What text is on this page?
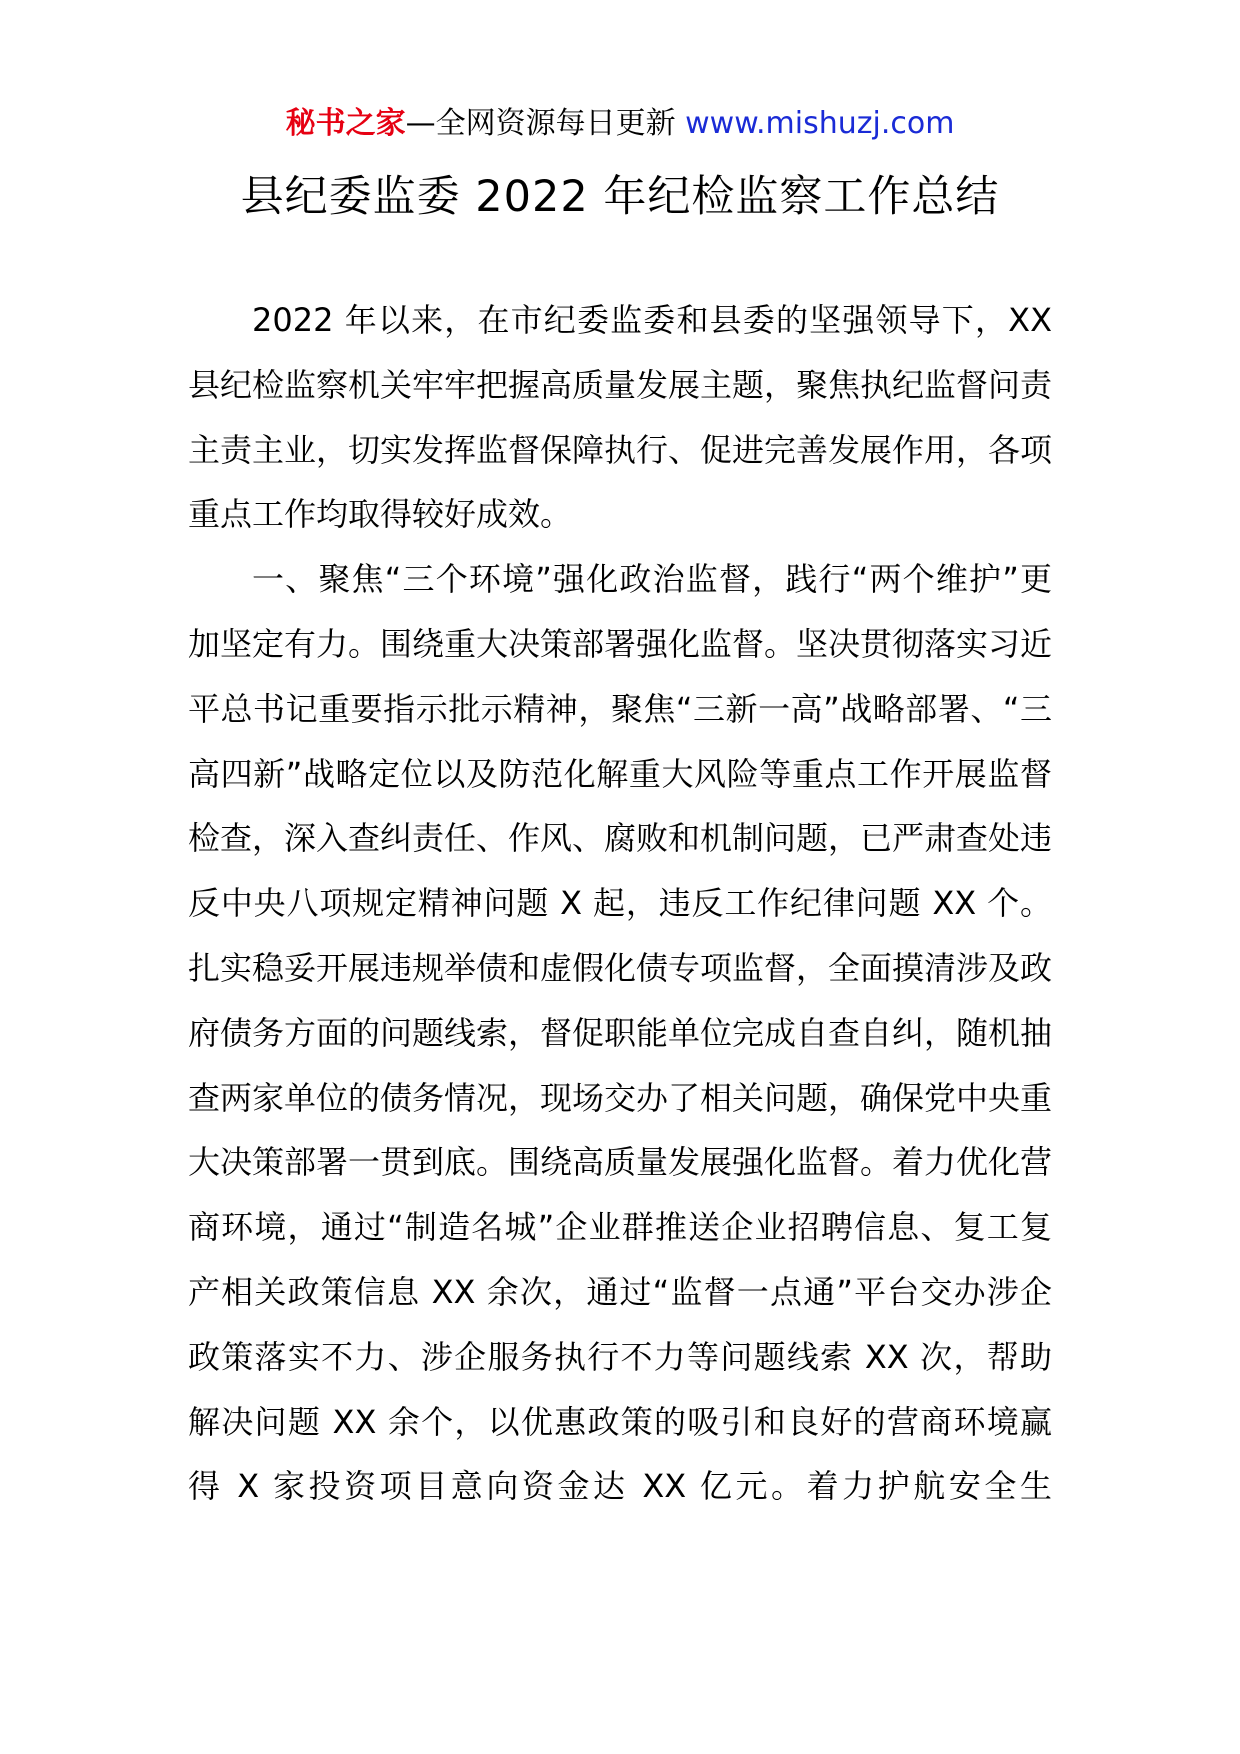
秘书之家—全网资源每日更新 www.mishuzj.com
县纪委监委 2022 年纪检监察工作总结

2022 年以来，在市纪委监委和县委的坚强领导下，XX 县纪检监察机关牢牢把握高质量发展主题，聚焦执纪监督问责主责主业，切实发挥监督保障执行、促进完善发展作用，各项重点工作均取得较好成效。

一、聚焦“三个环境”强化政治监督，践行“两个维护”更加坚定有力。围绕重大决策部署强化监督。坚决贯彻落实习近平总书记重要指示批示精神，聚焦“三新一高”战略部署、“三高四新”战略定位以及防范化解重大风险等重点工作开展监督检查，深入查纠责任、作风、腐败和机制问题，已严肃查处违反中央八项规定精神问题 X 起，违反工作纪律问题 XX 个。扎实稳妥开展违规举债和虚假化债专项监督，全面摸清涉及政府债务方面的问题线索，督促职能单位完成自查自纠，随机抽查两家单位的债务情况，现场交办了相关问题，确保党中央重大决策部署一贯到底。围绕高质量发展强化监督。着力优化营商环境，通过“制造名城”企业群推送企业招聘信息、复工复产相关政策信息 XX 余次，通过“监督一点通”平台交办涉企政策落实不力、涉企服务执行不力等问题线索 XX 次，帮助解决问题 XX 余个，以优惠政策的吸引和良好的营商环境赢得 X 家投资项目意向资金达 XX 亿元。着力护航安全生
